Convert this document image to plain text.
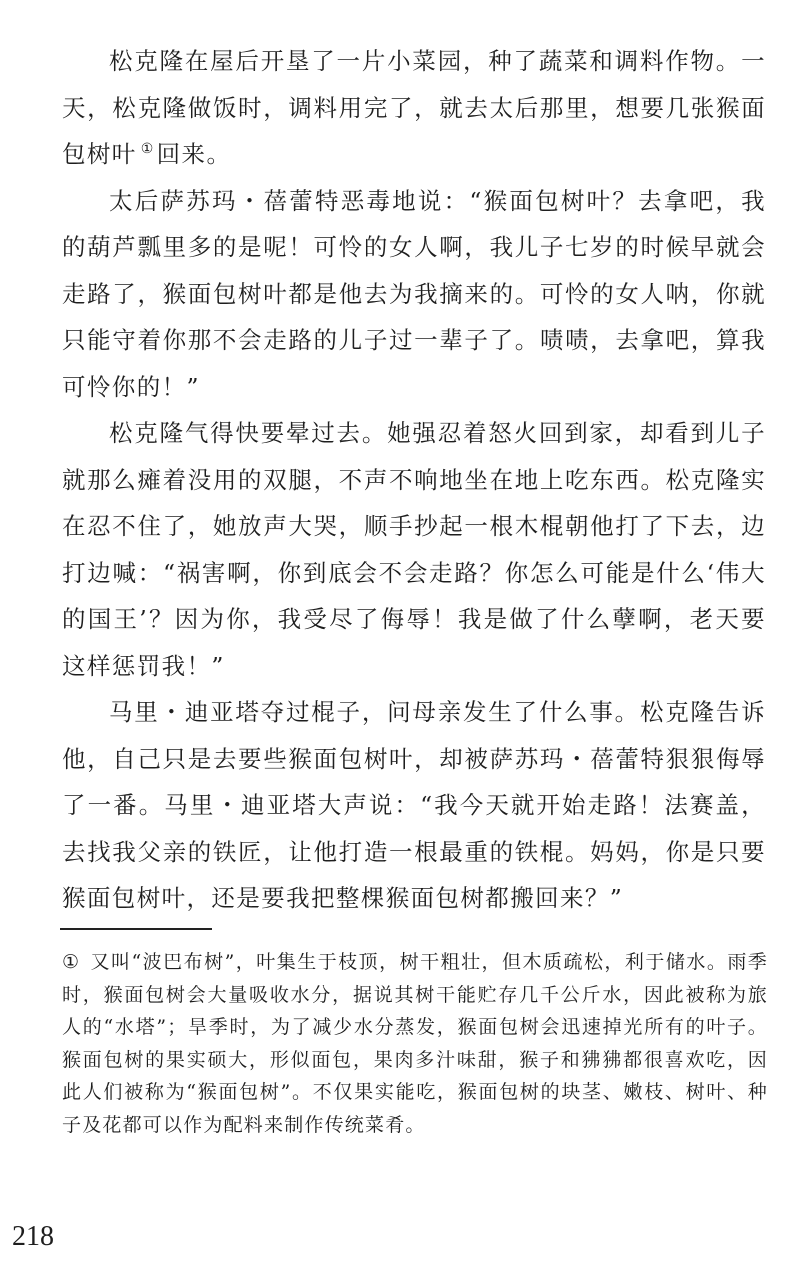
松克隆在屋后开垦了一片小菜园，种了蔬菜和调料作物。一天，松克隆做饭时，调料用完了，就去太后那里，想要几张猴面包树叶 ①回来。

太后萨苏玛・蓓蕾特恶毒地说：“猴面包树叶？去拿吧，我的葫芦瓢里多的是呢！可怜的女人啊，我儿子七岁的时候早就会走路了，猴面包树叶都是他去为我摘来的。可怜的女人呐，你就只能守着你那不会走路的儿子过一辈子了。啧啧，去拿吧，算我可怜你的！”

松克隆气得快要晕过去。她强忍着怒火回到家，却看到儿子就那么瘫着没用的双腿，不声不响地坐在地上吃东西。松克隆实在忍不住了，她放声大哭，顺手抄起一根木棍朝他打了下去，边打边喊：“祸害啊，你到底会不会走路？你怎么可能是什么‘伟大的国王’？因为你，我受尽了侮辱！我是做了什么孽啊，老天要这样惩罚我！”

马里・迪亚塔夺过棍子，问母亲发生了什么事。松克隆告诉他，自己只是去要些猴面包树叶，却被萨苏玛・蓓蕾特狠狠侮辱了一番。马里・迪亚塔大声说：“我今天就开始走路！法赛盖，去找我父亲的铁匠，让他打造一根最重的铁棍。妈妈，你是只要猴面包树叶，还是要我把整棵猴面包树都搬回来？”

① 又叫“波巴布树”，叶集生于枝顶，树干粗壮，但木质疏松，利于储水。雨季时，猴面包树会大量吸收水分，据说其树干能贮存几千公斤水，因此被称为旅人的“水塔”；旱季时，为了减少水分蒸发，猴面包树会迅速掉光所有的叶子。猴面包树的果实硕大，形似面包，果肉多汁味甜，猴子和狒狒都很喜欢吃，因此人们被称为“猴面包树”。不仅果实能吃，猴面包树的块茎、嫩枝、树叶、种子及花都可以作为配料来制作传统菜肴。

218
